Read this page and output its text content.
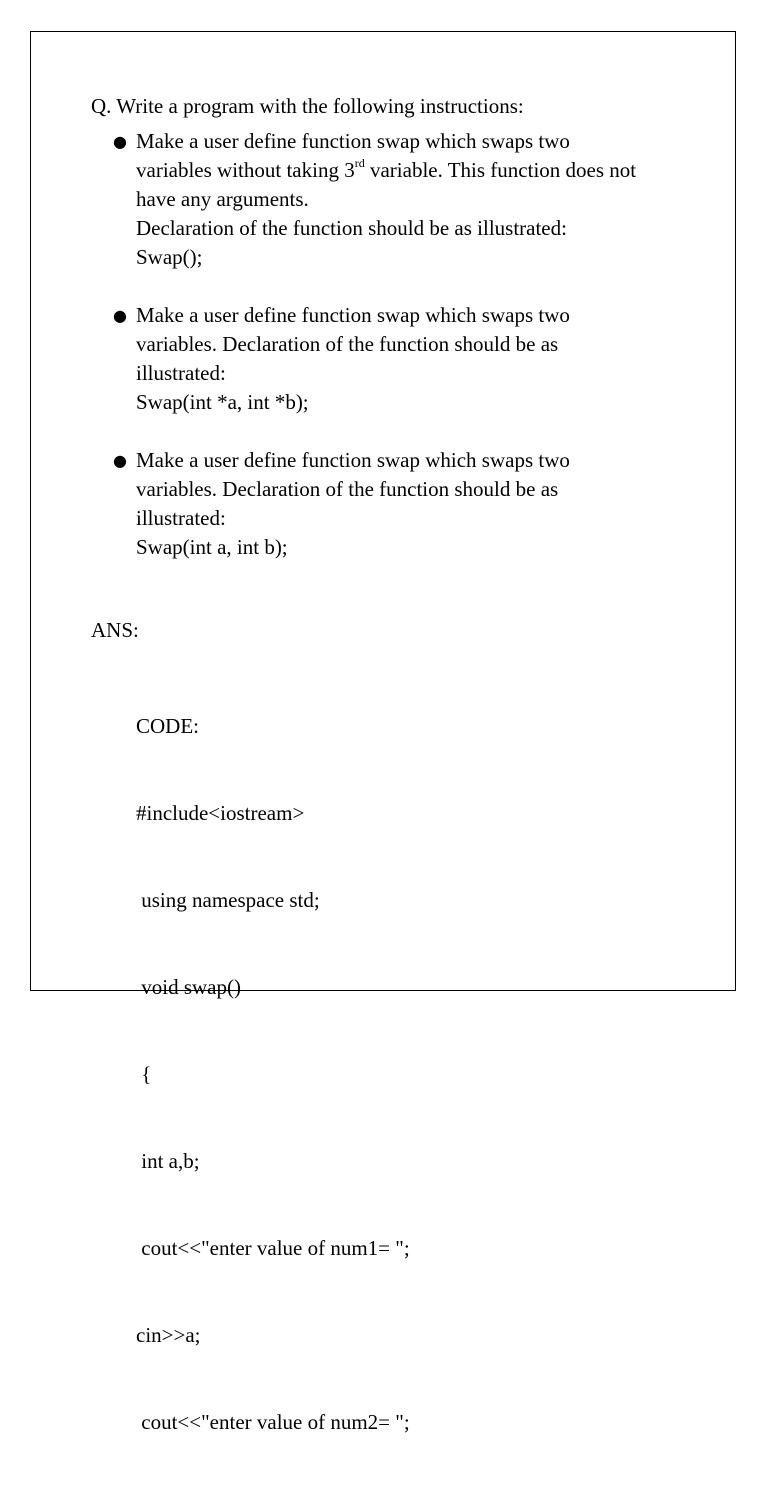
Q. Write a program with the following instructions:

● Make a user define function swap which swaps two
variables without taking 3rd variable. This function does not
have any arguments.
Declaration of the function should be as illustrated:
Swap();
● Make a user define function swap which swaps two
variables. Declaration of the function should be as
illustrated:
Swap(int *a, int *b);
● Make a user define function swap which swaps two
variables. Declaration of the function should be as
illustrated:
Swap(int a, int b);

ANS:

CODE:

#include<iostream>

using namespace std;

void swap()

{

int a,b;

cout<<"enter value of num1= ";

cin>>a;

cout<<"enter value of num2= ";
